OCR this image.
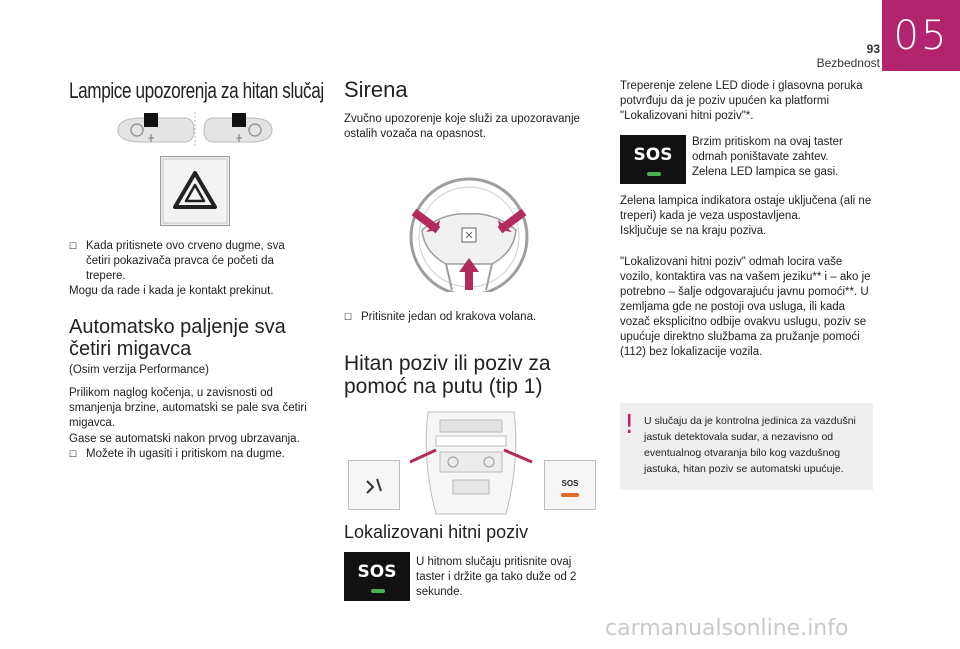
05
93
Bezbednost
Lampice upozorenja za hitan slučaj
☐ Kada pritisnete ovo crveno dugme, sva četiri pokazivača pravca će početi da trepere.
Mogu da rade i kada je kontakt prekinut.
Automatsko paljenje sva četiri migavca
(Osim verzija Performance)
Prilikom naglog kočenja, u zavisnosti od smanjenja brzine, automatski se pale sva četiri migavca.
Gase se automatski nakon prvog ubrzavanja.
☐ Možete ih ugasiti i pritiskom na dugme.
Sirena
Zvučno upozorenje koje služi za upozoravanje ostalih vozača na opasnost.
☐ Pritisnite jedan od krakova volana.
Hitan poziv ili poziv za pomoć na putu (tip 1)
SOS
Lokalizovani hitni poziv
SOS	U hitnom slučaju pritisnite ovaj taster i držite ga tako duže od 2 sekunde.
Treperenje zelene LED diode i glasovna poruka potvrđuju da je poziv upućen ka platformi "Lokalizovani hitni poziv"*.
SOS
Brzim pritiskom na ovaj taster odmah poništavate zahtev.
Zelena LED lampica se gasi.
Zelena lampica indikatora ostaje uključena (ali ne treperi) kada je veza uspostavljena.
Isključuje se na kraju poziva.
"Lokalizovani hitni poziv" odmah locira vaše vozilo, kontaktira vas na vašem jeziku** i – ako je potrebno – šalje odgovarajuću javnu pomoći**. U zemljama gde ne postoji ova usluga, ili kada vozač eksplicitno odbije ovakvu uslugu, poziv se upućuje direktno službama za pružanje pomoći (112) bez lokalizacije vozila.
! U slučaju da je kontrolna jedinica za vazdušni jastuk detektovala sudar, a nezavisno od eventualnog otvaranja bilo kog vazdušnog jastuka, hitan poziv se automatski upućuje.
carmanualsonline.info
